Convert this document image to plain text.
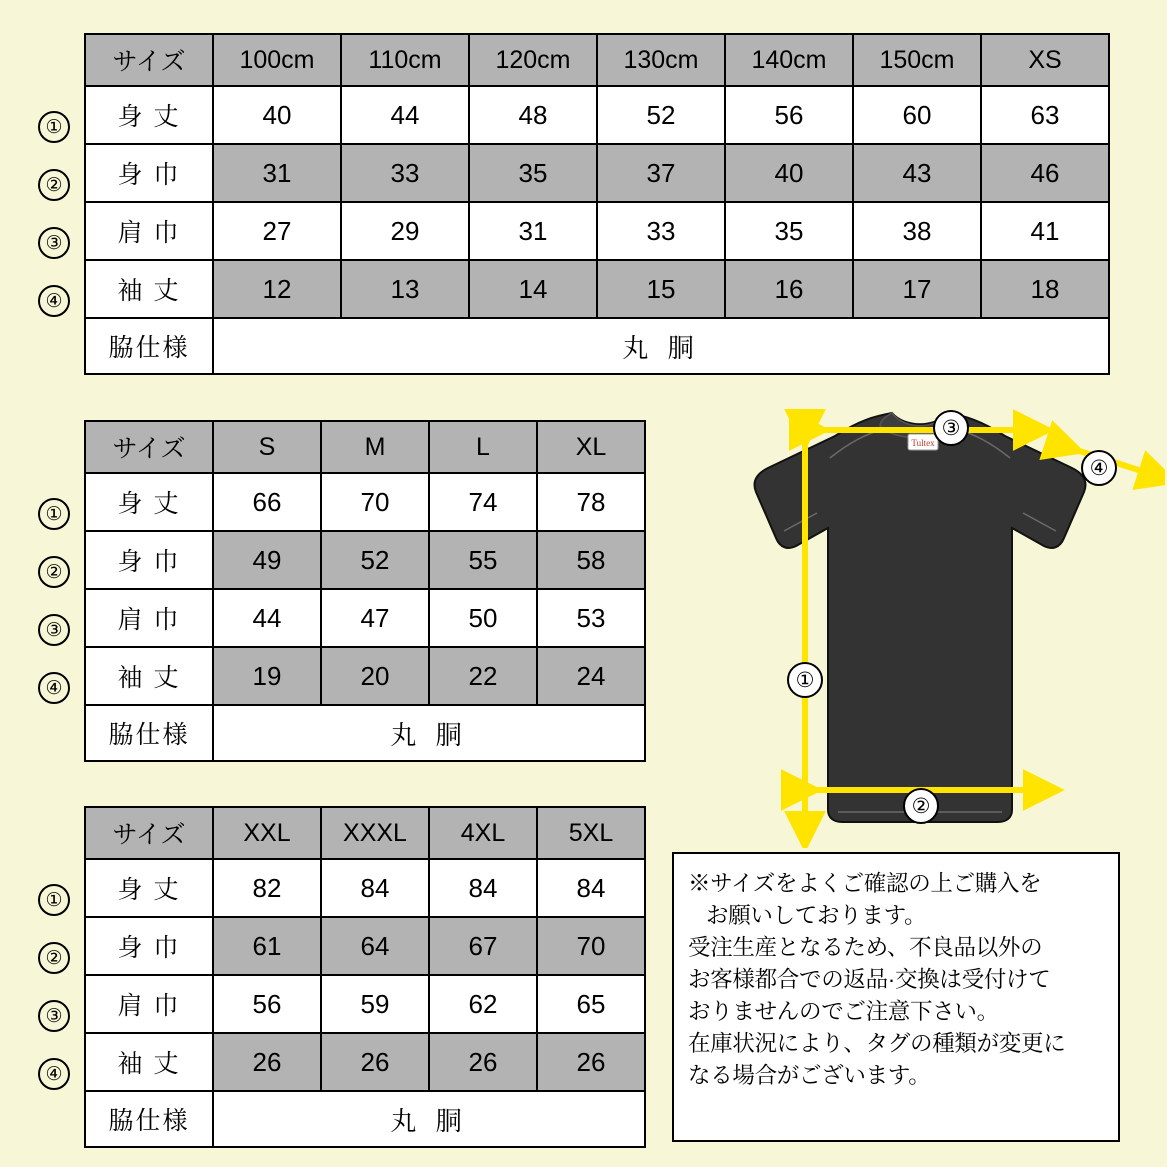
①
②
③
④
サイズ	100cm	110cm	120cm	130cm	140cm	150cm	XS
身 丈	40	44	48	52	56	60	63
身 巾	31	33	35	37	40	43	46
肩 巾	27	29	31	33	35	38	41
袖 丈	12	13	14	15	16	17	18
脇仕様	丸 胴						
①
②
③
④
サイズ	S	M	L	XL
身 丈	66	70	74	78
身 巾	49	52	55	58
肩 巾	44	47	50	53
袖 丈	19	20	22	24
脇仕様	丸 胴			
①
②
③
④
サイズ	XXL	XXXL	4XL	5XL
身 丈	82	84	84	84
身 巾	61	64	67	70
肩 巾	56	59	62	65
袖 丈	26	26	26	26
脇仕様	丸 胴			
Tultex
①
②
③
④

※サイズをよくご確認の上ご購入を

お願いしております。

受注生産となるため、不良品以外の

お客様都合での返品·交換は受付けて

おりませんのでご注意下さい。

在庫状況により、タグの種類が変更に

なる場合がございます。
